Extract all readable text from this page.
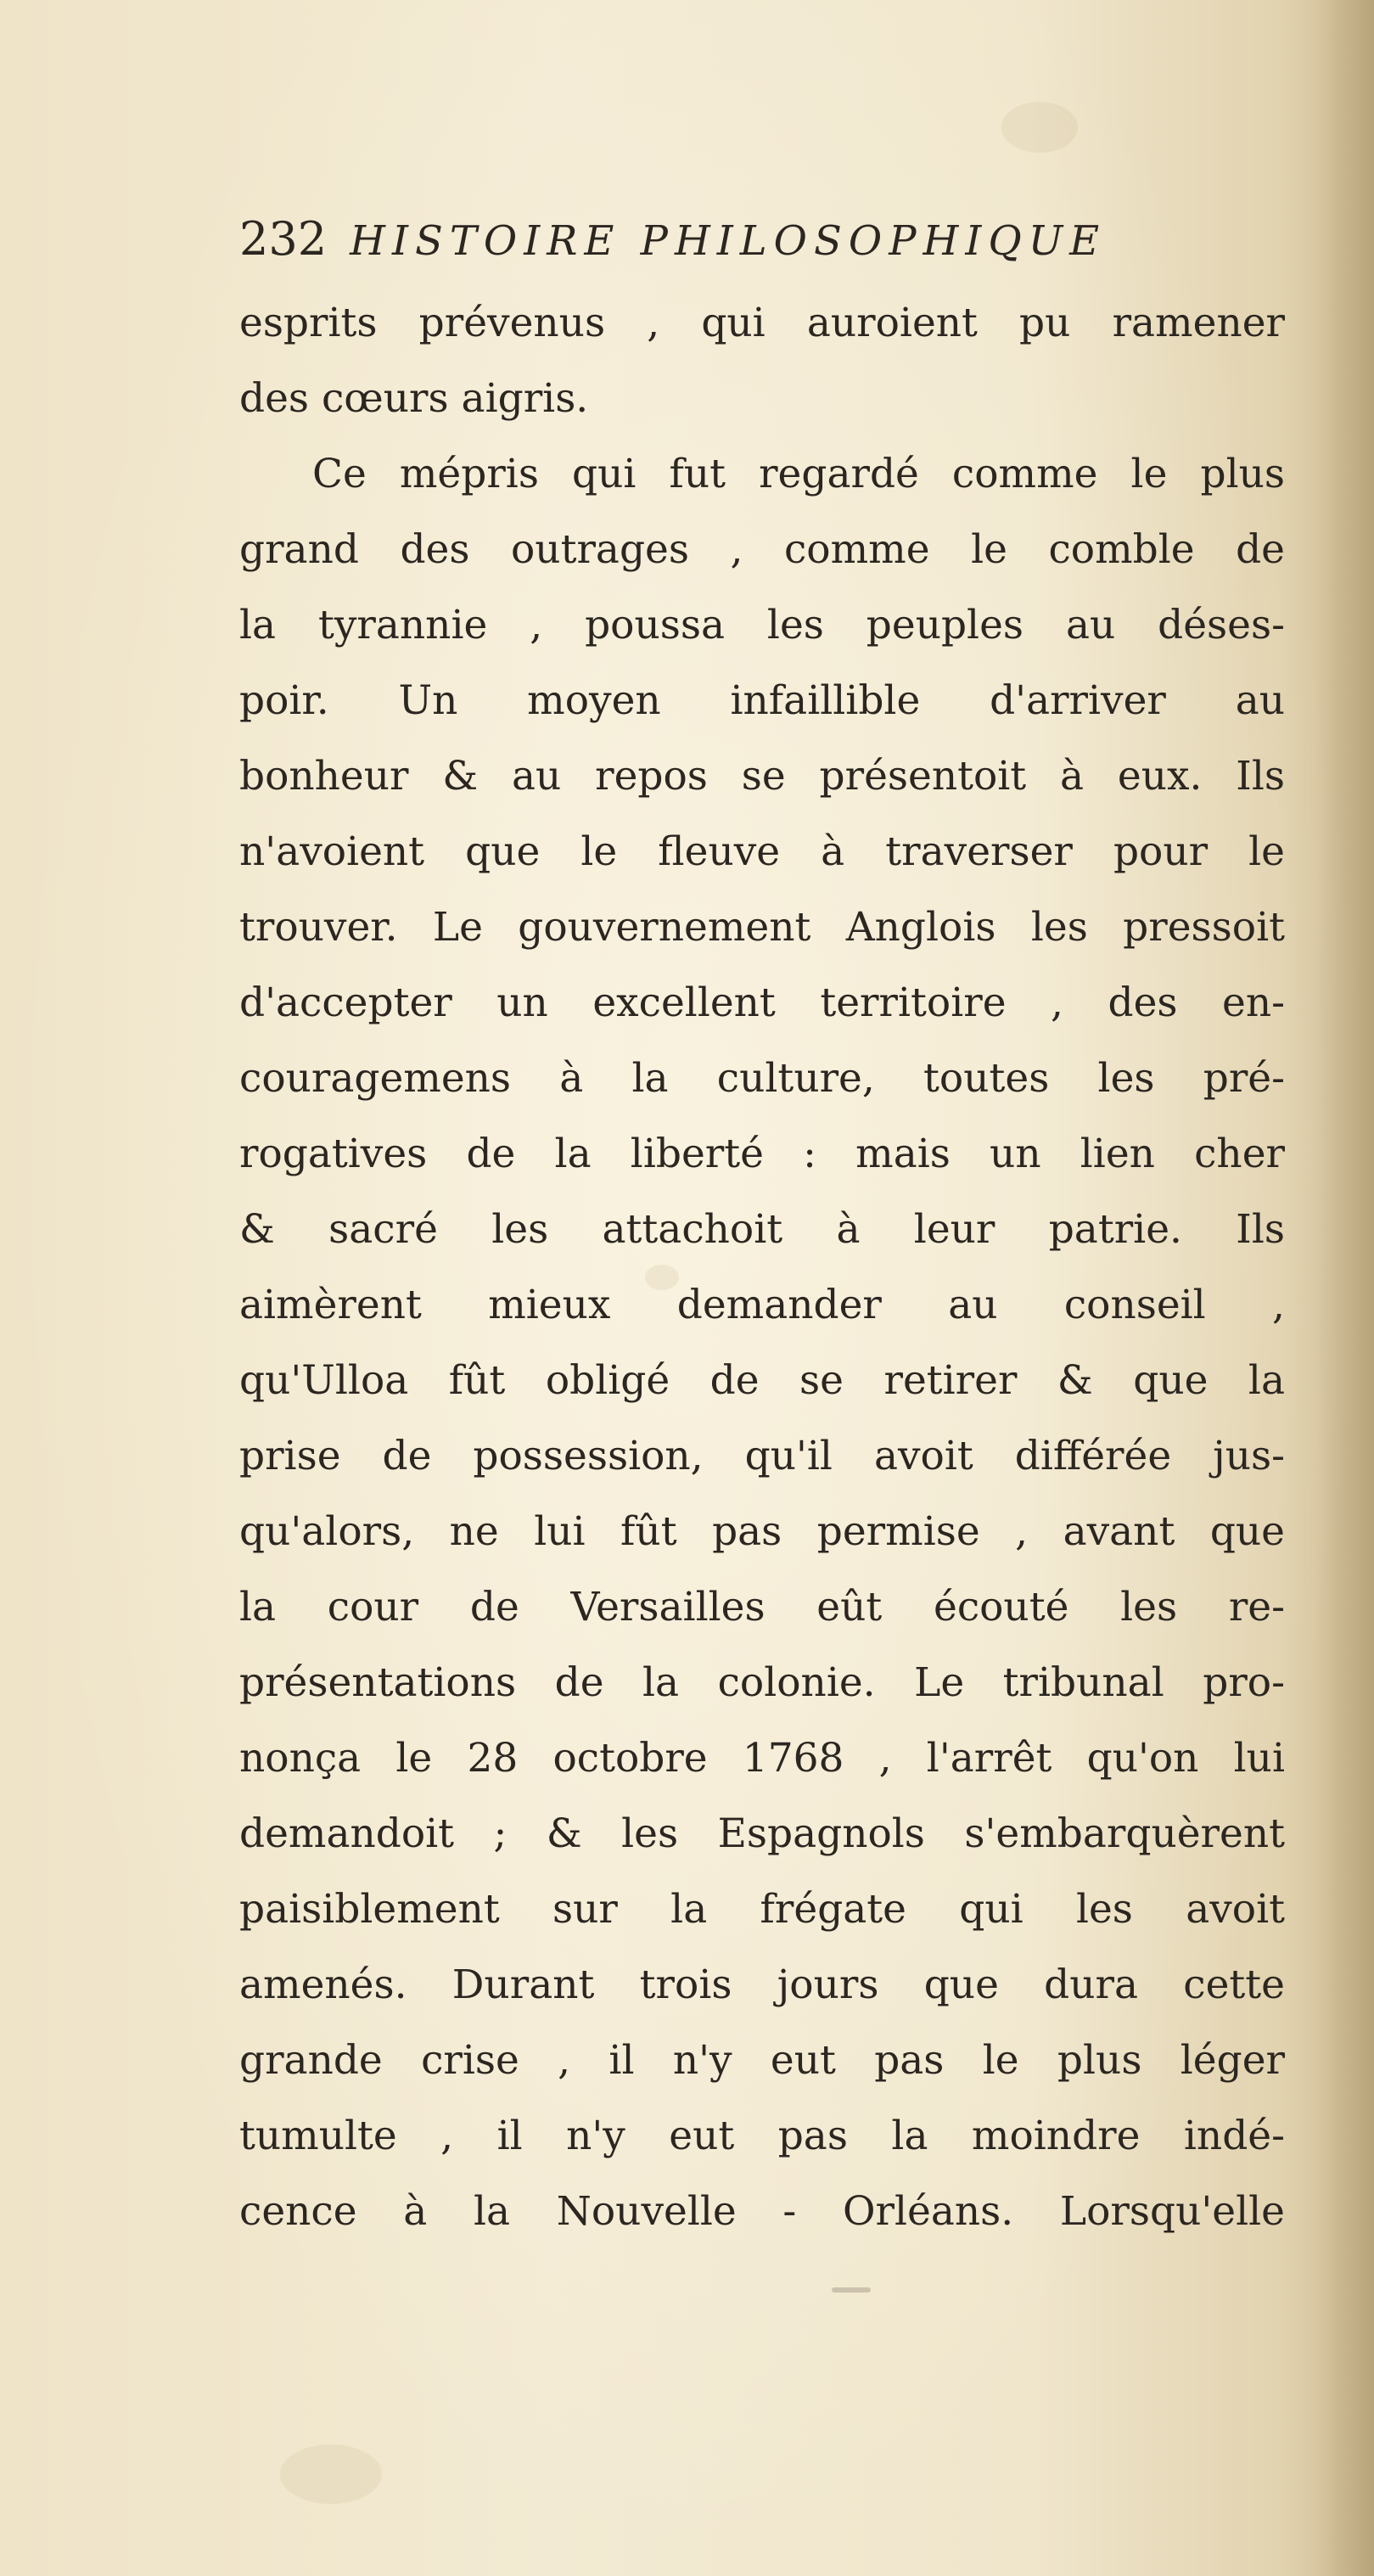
232 HISTOIRE PHILOSOPHIQUE
esprits prévenus , qui auroient pu ramener
des cœurs aigris.
Ce mépris qui fut regardé comme le plus
grand des outrages , comme le comble de
la tyrannie , poussa les peuples au déses-
poir. Un moyen infaillible d'arriver au
bonheur & au repos se présentoit à eux. Ils
n'avoient que le fleuve à traverser pour le
trouver. Le gouvernement Anglois les pressoit
d'accepter un excellent territoire , des en-
couragemens à la culture, toutes les pré-
rogatives de la liberté : mais un lien cher
& sacré les attachoit à leur patrie. Ils
aimèrent mieux demander au conseil ,
qu'Ulloa fût obligé de se retirer & que la
prise de possession, qu'il avoit différée jus-
qu'alors, ne lui fût pas permise , avant que
la cour de Versailles eût écouté les re-
présentations de la colonie. Le tribunal pro-
nonça le 28 octobre 1768 , l'arrêt qu'on lui
demandoit ; & les Espagnols s'embarquèrent
paisiblement sur la frégate qui les avoit
amenés. Durant trois jours que dura cette
grande crise , il n'y eut pas le plus léger
tumulte , il n'y eut pas la moindre indé-
cence à la Nouvelle - Orléans. Lorsqu'elle
